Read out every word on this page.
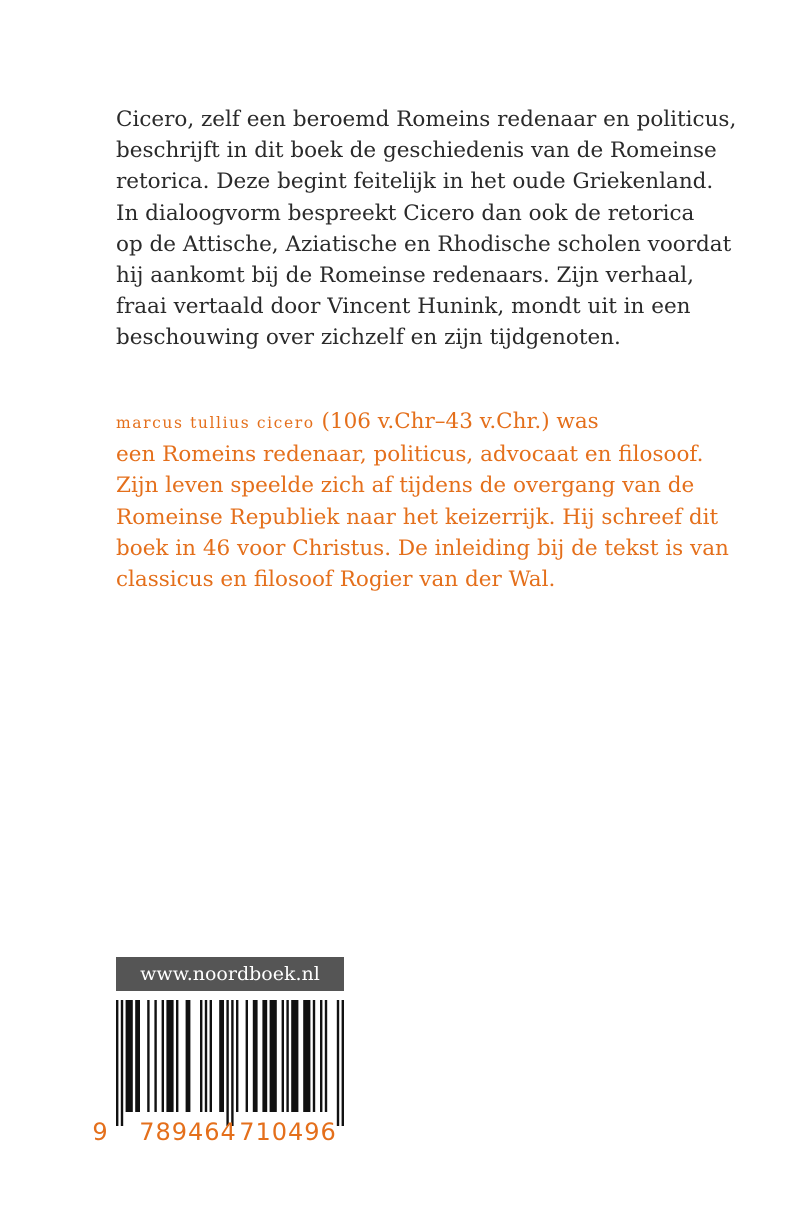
Cicero, zelf een beroemd Romeins redenaar en politicus,
beschrijft in dit boek de geschiedenis van de Romeinse
retorica. Deze begint feitelijk in het oude Griekenland.
In dialoogvorm bespreekt Cicero dan ook de retorica
op de Attische, Aziatische en Rhodische scholen voordat
hij aankomt bij de Romeinse redenaars. Zijn verhaal,
fraai vertaald door Vincent Hunink, mondt uit in een
beschouwing over zichzelf en zijn tijdgenoten.
marcus tullius cicero (106 v.Chr–43 v.Chr.) was
een Romeins redenaar, politicus, advocaat en filosoof.
Zijn leven speelde zich af tijdens de overgang van de
Romeinse Republiek naar het keizerrijk. Hij schreef dit
boek in 46 voor Christus. De inleiding bij de tekst is van
classicus en filosoof Rogier van der Wal.
www.noordboek.nl
9 789464 710496
